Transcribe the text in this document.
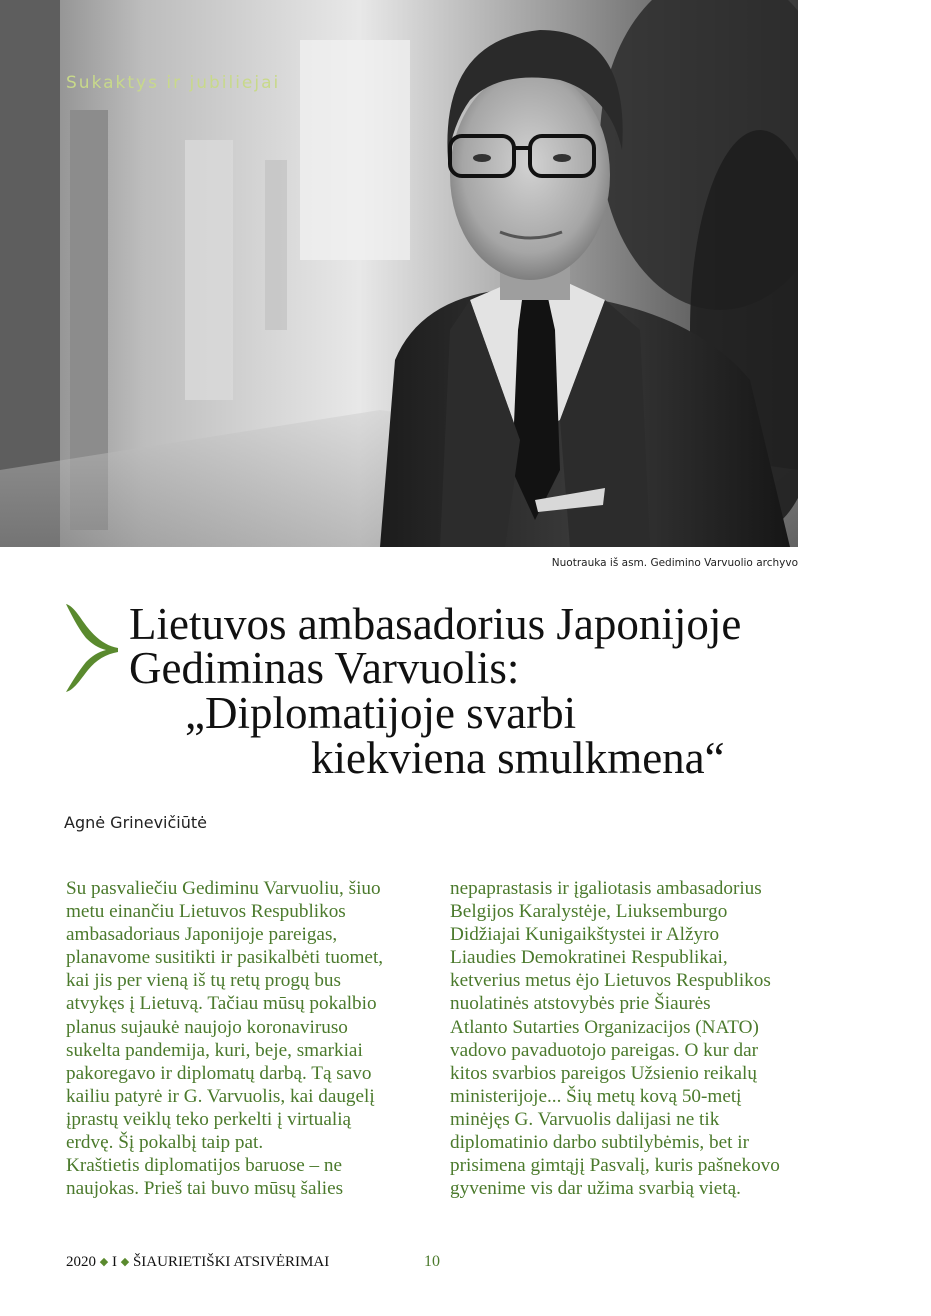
Sukaktys ir jubiliejai

Nuotrauka iš asm. Gedimino Varvuolio archyvo

Lietuvos ambasadorius Japonijoje
Gediminas Varvuolis:
„Diplomatijoje svarbi
kiekviena smulkmena“

Agnė Grinevičiūtė

Su pasvaliečiu Gediminu Varvuoliu, šiuo
metu einančiu Lietuvos Respublikos
ambasadoriaus Japonijoje pareigas,
planavome susitikti ir pasikalbėti tuomet,
kai jis per vieną iš tų retų progų bus
atvykęs į Lietuvą. Tačiau mūsų pokalbio
planus sujaukė naujojo koronaviruso
sukelta pandemija, kuri, beje, smarkiai
pakoregavo ir diplomatų darbą. Tą savo
kailiu patyrė ir G. Varvuolis, kai daugelį
įprastų veiklų teko perkelti į virtualią
erdvę. Šį pokalbį taip pat.
Kraštietis diplomatijos baruose – ne
naujokas. Prieš tai buvo mūsų šalies
nepaprastasis ir įgaliotasis ambasadorius
Belgijos Karalystėje, Liuksemburgo
Didžiajai Kunigaikštystei ir Alžyro
Liaudies Demokratinei Respublikai,
ketverius metus ėjo Lietuvos Respublikos
nuolatinės atstovybės prie Šiaurės
Atlanto Sutarties Organizacijos (NATO)
vadovo pavaduotojo pareigas. O kur dar
kitos svarbios pareigos Užsienio reikalų
ministerijoje... Šių metų kovą 50-metį
minėjęs G. Varvuolis dalijasi ne tik
diplomatinio darbo subtilybėmis, bet ir
prisimena gimtąjį Pasvalį, kuris pašnekovo
gyvenime vis dar užima svarbią vietą.

2020 ◆ I ◆ ŠIAURIETIŠKI ATSIVĖRIMAI	10
